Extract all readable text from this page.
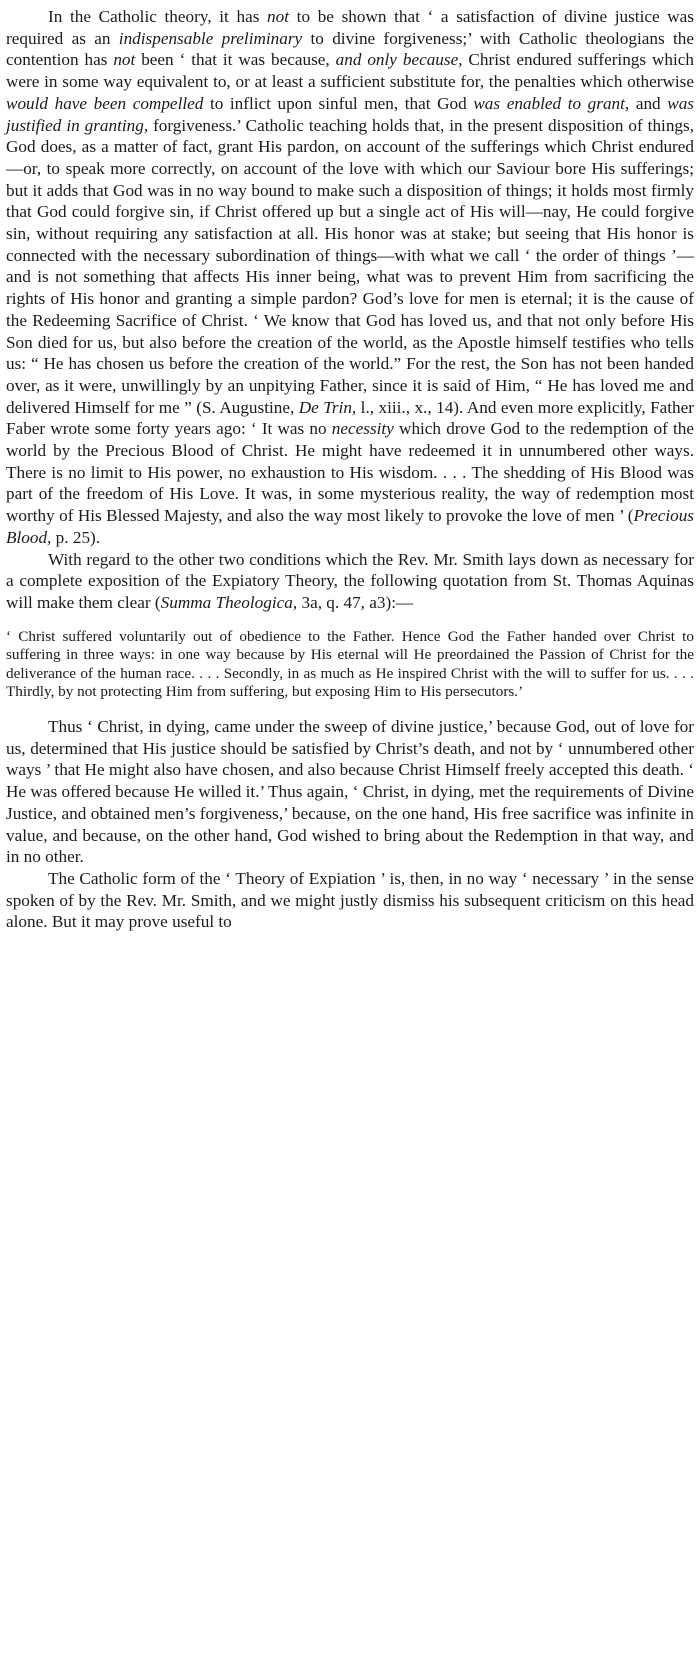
In the Catholic theory, it has not to be shown that ‘ a satisfaction of divine justice was required as an indispensable preliminary to divine forgiveness;’ with Catholic theologians the contention has not been ‘ that it was because, and only because, Christ endured sufferings which were in some way equivalent to, or at least a sufficient substitute for, the penalties which otherwise would have been compelled to inflict upon sinful men, that God was enabled to grant, and was justified in granting, forgiveness.’ Catholic teaching holds that, in the present disposition of things, God does, as a matter of fact, grant His pardon, on account of the sufferings which Christ endured—or, to speak more correctly, on account of the love with which our Saviour bore His sufferings; but it adds that God was in no way bound to make such a disposition of things; it holds most firmly that God could forgive sin, if Christ offered up but a single act of His will—nay, He could forgive sin, without requiring any satisfaction at all. His honor was at stake; but seeing that His honor is connected with the necessary subordination of things—with what we call ‘ the order of things ’—and is not something that affects His inner being, what was to prevent Him from sacrificing the rights of His honor and granting a simple pardon? God’s love for men is eternal; it is the cause of the Redeeming Sacrifice of Christ. ‘ We know that God has loved us, and that not only before His Son died for us, but also before the creation of the world, as the Apostle himself testifies who tells us: “ He has chosen us before the creation of the world.” For the rest, the Son has not been handed over, as it were, unwillingly by an unpitying Father, since it is said of Him, “ He has loved me and delivered Himself for me ” (S. Augustine, De Trin, l., xiii., x., 14). And even more explicitly, Father Faber wrote some forty years ago: ‘ It was no necessity which drove God to the redemption of the world by the Precious Blood of Christ. He might have redeemed it in unnumbered other ways. There is no limit to His power, no exhaustion to His wisdom. . . . The shedding of His Blood was part of the freedom of His Love. It was, in some mysterious reality, the way of redemption most worthy of His Blessed Majesty, and also the way most likely to provoke the love of men ’ (Precious Blood, p. 25).

With regard to the other two conditions which the Rev. Mr. Smith lays down as necessary for a complete exposition of the Expiatory Theory, the following quotation from St. Thomas Aquinas will make them clear (Summa Theologica, 3a, q. 47, a3):—

‘ Christ suffered voluntarily out of obedience to the Father. Hence God the Father handed over Christ to suffering in three ways: in one way because by His eternal will He preordained the Passion of Christ for the deliverance of the human race. . . . Secondly, in as much as He inspired Christ with the will to suffer for us. . . . Thirdly, by not protecting Him from suffering, but exposing Him to His persecutors.’

Thus ‘ Christ, in dying, came under the sweep of divine justice,’ because God, out of love for us, determined that His justice should be satisfied by Christ’s death, and not by ‘ unnumbered other ways ’ that He might also have chosen, and also because Christ Himself freely accepted this death. ‘ He was offered because He willed it.’ Thus again, ‘ Christ, in dying, met the requirements of Divine Justice, and obtained men’s forgiveness,’ because, on the one hand, His free sacrifice was infinite in value, and because, on the other hand, God wished to bring about the Redemption in that way, and in no other.

The Catholic form of the ‘ Theory of Expiation ’ is, then, in no way ‘ necessary ’ in the sense spoken of by the Rev. Mr. Smith, and we might justly dismiss his subsequent criticism on this head alone. But it may prove useful to
